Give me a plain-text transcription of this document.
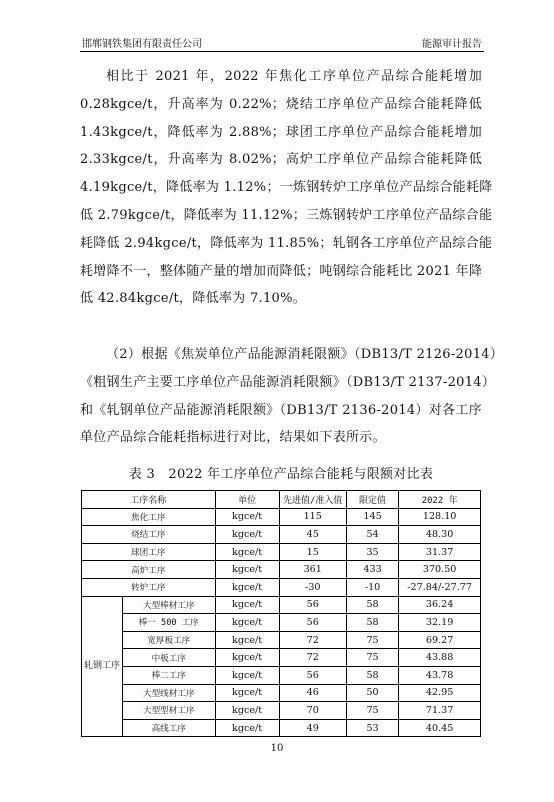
邯郸钢铁集团有限责任公司	能源审计报告
相比于 2021 年，2022 年焦化工序单位产品综合能耗增加
0.28kgce/t，升高率为 0.22%；烧结工序单位产品综合能耗降低
1.43kgce/t，降低率为 2.88%；球团工序单位产品综合能耗增加
2.33kgce/t，升高率为 8.02%；高炉工序单位产品综合能耗降低
4.19kgce/t，降低率为 1.12%；一炼钢转炉工序单位产品综合能耗降
低 2.79kgce/t，降低率为 11.12%；三炼钢转炉工序单位产品综合能
耗降低 2.94kgce/t，降低率为 11.85%；轧钢各工序单位产品综合能
耗增降不一，整体随产量的增加而降低；吨钢综合能耗比 2021 年降
低 42.84kgce/t，降低率为 7.10%。
（2）根据《焦炭单位产品能源消耗限额》（DB13/T 2126-2014）
《粗钢生产主要工序单位产品能源消耗限额》（DB13/T 2137-2014）
和《轧钢单位产品能源消耗限额》（DB13/T 2136-2014）对各工序
单位产品综合能耗指标进行对比，结果如下表所示。
表 3　2022 年工序单位产品综合能耗与限额对比表
工序名称		单位	先进值/准入值	限定值	2022 年
焦化工序		kgce/t	115	145	128.10
烧结工序		kgce/t	45	54	48.30
球团工序		kgce/t	15	35	31.37
高炉工序		kgce/t	361	433	370.50
转炉工序		kgce/t	-30	-10	-27.84/-27.77
轧钢工序	大型棒材工序	kgce/t	56	58	36.24
	棒一 500 工序	kgce/t	56	58	32.19
	宽厚板工序	kgce/t	72	75	69.27
	中板工序	kgce/t	72	75	43.88
	棒二工序	kgce/t	56	58	43.78
	大型线材工序	kgce/t	46	50	42.95
	大型型材工序	kgce/t	70	75	71.37
	高线工序	kgce/t	49	53	40.45
10
